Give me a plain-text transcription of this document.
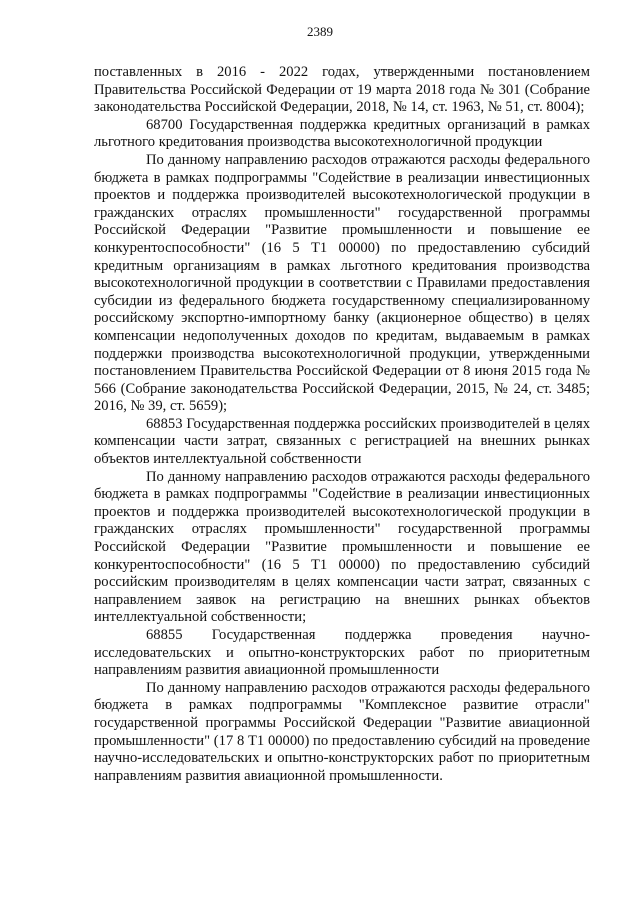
2389

поставленных в 2016 - 2022 годах, утвержденными постановлением Правительства Российской Федерации от 19 марта 2018 года № 301 (Собрание законодательства Российской Федерации, 2018, № 14, ст. 1963, № 51, ст. 8004);

68700 Государственная поддержка кредитных организаций в рамках льготного кредитования производства высокотехнологичной продукции

По данному направлению расходов отражаются расходы федерального бюджета в рамках подпрограммы "Содействие в реализации инвестиционных проектов и поддержка производителей высокотехнологической продукции в гражданских отраслях промышленности" государственной программы Российской Федерации "Развитие промышленности и повышение ее конкурентоспособности" (16 5 Т1 00000) по предоставлению субсидий кредитным организациям в рамках льготного кредитования производства высокотехнологичной продукции в соответствии с Правилами предоставления субсидии из федерального бюджета государственному специализированному российскому экспортно-импортному банку (акционерное общество) в целях компенсации недополученных доходов по кредитам, выдаваемым в рамках поддержки производства высокотехнологичной продукции, утвержденными постановлением Правительства Российской Федерации от 8 июня 2015 года № 566 (Собрание законодательства Российской Федерации, 2015, № 24, ст. 3485; 2016, № 39, ст. 5659);

68853 Государственная поддержка российских производителей в целях компенсации части затрат, связанных с регистрацией на внешних рынках объектов интеллектуальной собственности

По данному направлению расходов отражаются расходы федерального бюджета в рамках подпрограммы "Содействие в реализации инвестиционных проектов и поддержка производителей высокотехнологической продукции в гражданских отраслях промышленности" государственной программы Российской Федерации "Развитие промышленности и повышение ее конкурентоспособности" (16 5 Т1 00000) по предоставлению субсидий российским производителям в целях компенсации части затрат, связанных с направлением заявок на регистрацию на внешних рынках объектов интеллектуальной собственности;

68855 Государственная поддержка проведения научно-исследовательских и опытно-конструкторских работ по приоритетным направлениям развития авиационной промышленности

По данному направлению расходов отражаются расходы федерального бюджета в рамках подпрограммы "Комплексное развитие отрасли" государственной программы Российской Федерации "Развитие авиационной промышленности" (17 8 Т1 00000) по предоставлению субсидий на проведение научно-исследовательских и опытно-конструкторских работ по приоритетным направлениям развития авиационной промышленности.
